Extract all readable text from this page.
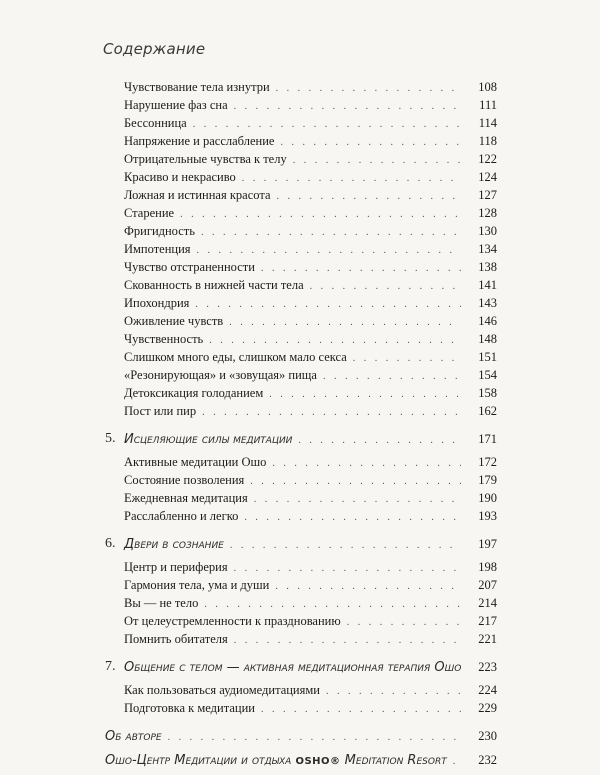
Содержание
Чувствование тела изнутри . . .	108
Нарушение фаз сна . . .	111
Бессонница . . .	114
Напряжение и расслабление . . .	118
Отрицательные чувства к телу . . .	122
Красиво и некрасиво . . .	124
Ложная и истинная красота . . .	127
Старение . . .	128
Фригидность . . .	130
Импотенция . . .	134
Чувство отстраненности . . .	138
Скованность в нижней части тела . . .	141
Ипохондрия . . .	143
Оживление чувств . . .	146
Чувственность . . .	148
Слишком много еды, слишком мало секса . . .	151
«Резонирующая» и «зовущая» пища . . .	154
Детоксикация голоданием . . .	158
Пост или пир . . .	162
5. Исцеляющие силы медитации . . .	171
Активные медитации Ошо . . .	172
Состояние позволения . . .	179
Ежедневная медитация . . .	190
Расслабленно и легко . . .	193
6. Двери в сознание . . .	197
Центр и периферия . . .	198
Гармония тела, ума и души . . .	207
Вы — не тело . . .	214
От целеустремленности к празднованию . . .	217
Помнить обитателя . . .	221
7. Общение с телом — активная медитационная терапия Ошо	223
Как пользоваться аудиомедитациями . . .	224
Подготовка к медитации . . .	229
Об авторе . . .	230
Ошо-Центр Медитации и отдыха OSHO® Meditation Resort . . .	232
